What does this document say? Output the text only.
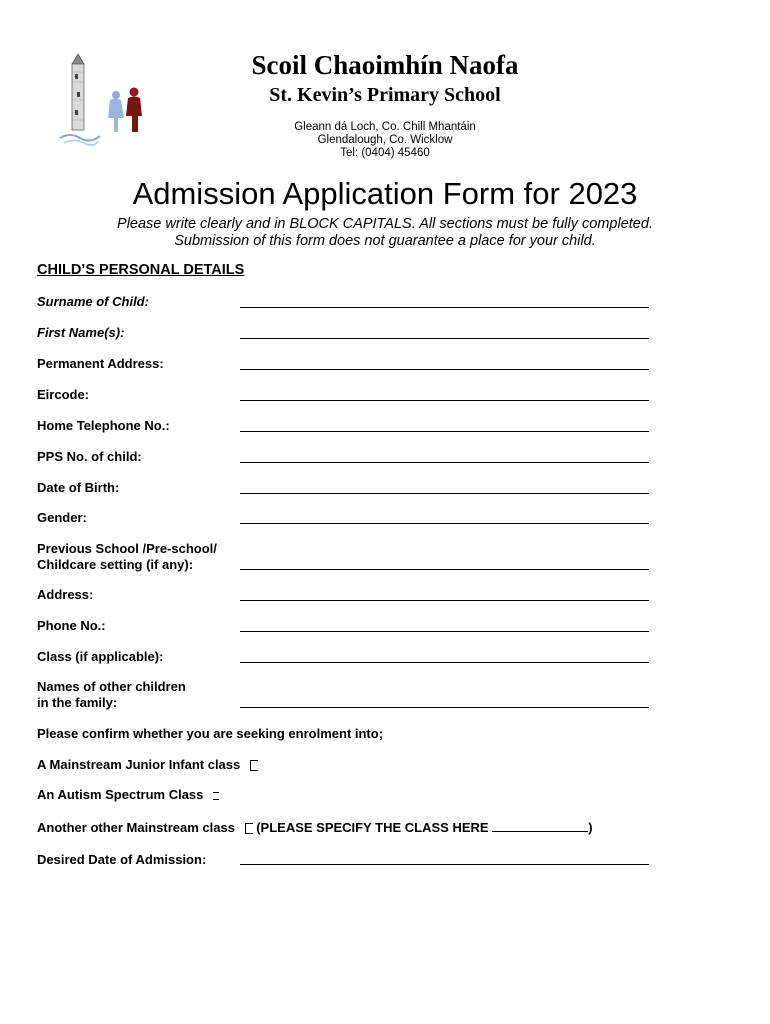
Scoil Chaoimhín Naofa
St. Kevin’s Primary School
Gleann dá Loch, Co. Chill Mhantáin
Glendalough, Co. Wicklow
Tel: (0404) 45460
Admission Application Form for 2023
Please write clearly and in BLOCK CAPITALS. All sections must be fully completed.
Submission of this form does not guarantee a place for your child.
CHILD’S PERSONAL DETAILS
Surname of Child:
First Name(s):
Permanent Address:
Eircode:
Home Telephone No.:
PPS No. of child:
Date of Birth:
Gender:
Previous School /Pre-school/
Childcare setting (if any):
Address:
Phone No.:
Class (if applicable):
Names of other children
in the family:
Please confirm whether you are seeking enrolment into;
A Mainstream Junior Infant class
An Autism Spectrum Class
Another other Mainstream class (PLEASE SPECIFY THE CLASS HERE	)
Desired Date of Admission:
